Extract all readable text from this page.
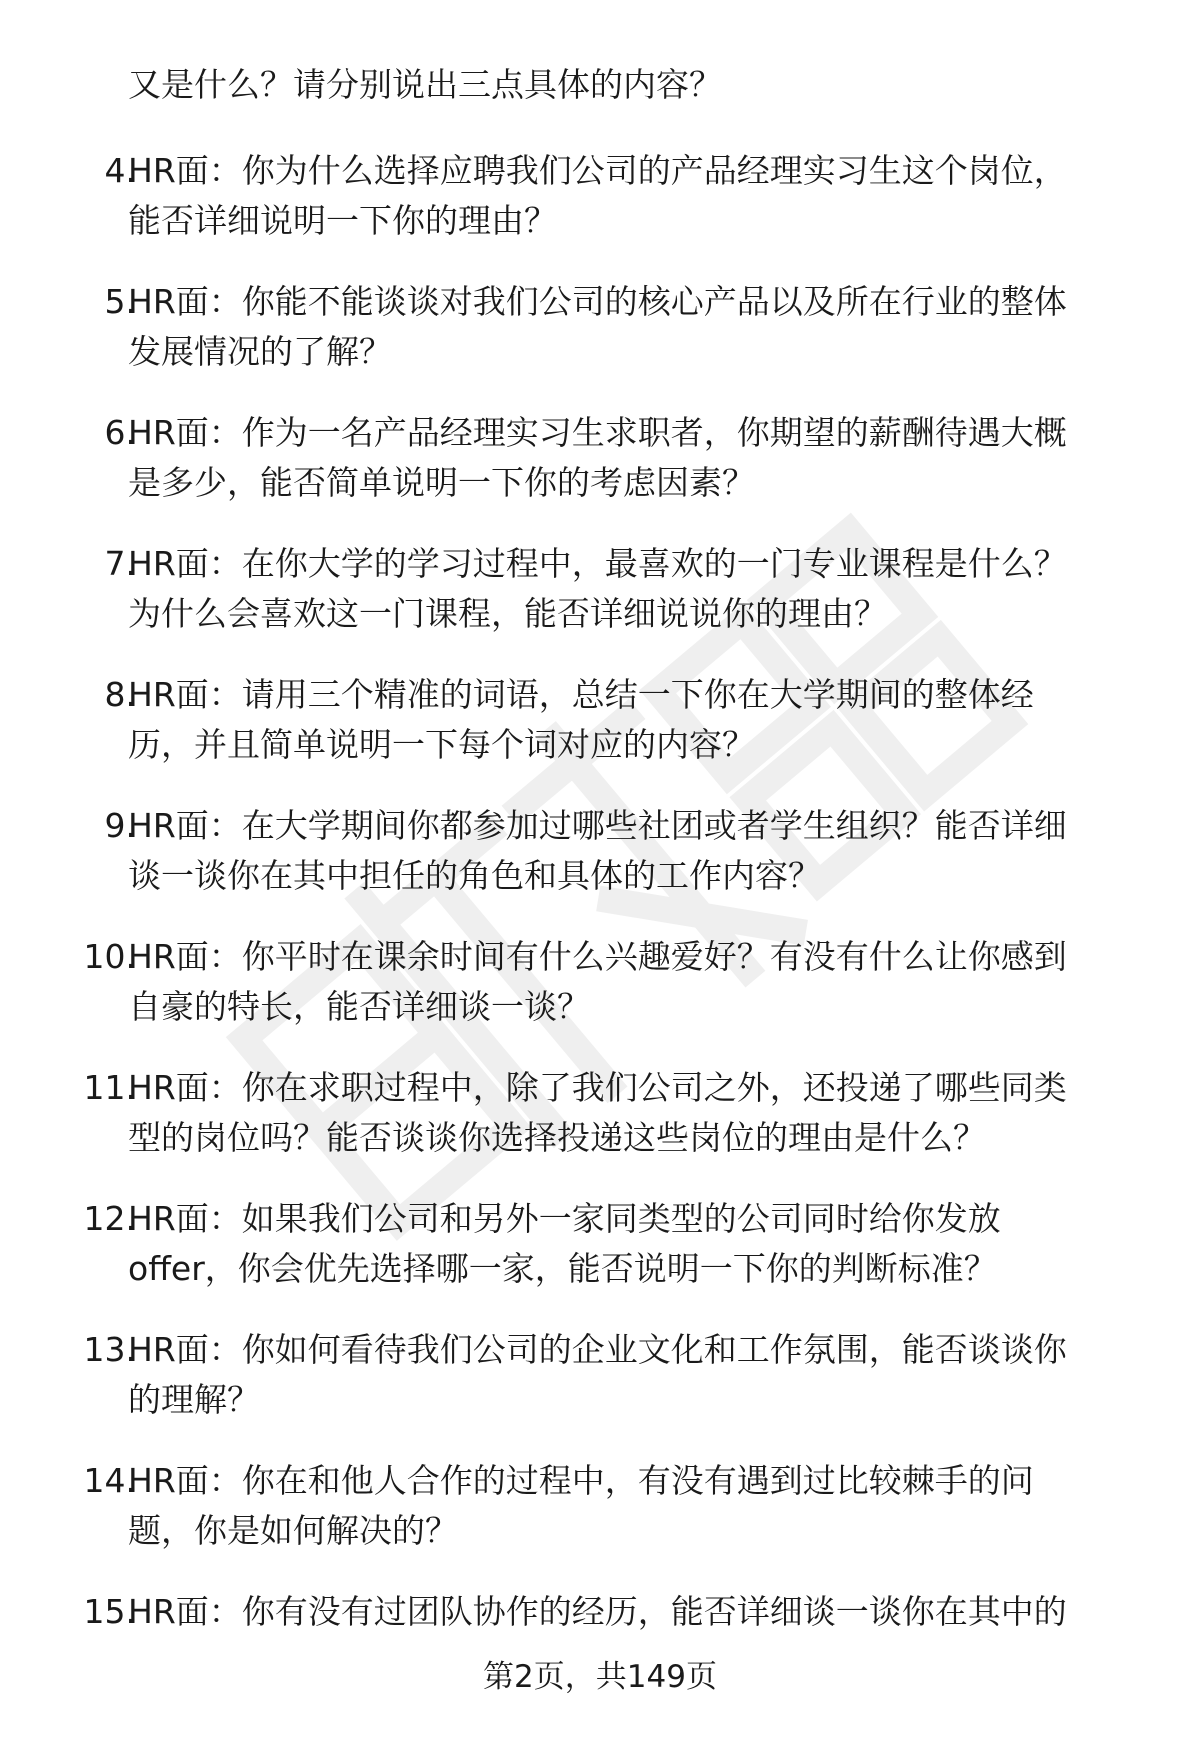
又是什么？请分别说出三点具体的内容？
4.
HR面：你为什么选择应聘我们公司的产品经理实习生这个岗位，
能否详细说明一下你的理由？
5.
HR面：你能不能谈谈对我们公司的核心产品以及所在行业的整体
发展情况的了解？
6.
HR面：作为一名产品经理实习生求职者，你期望的薪酬待遇大概
是多少，能否简单说明一下你的考虑因素？
7.
HR面：在你大学的学习过程中，最喜欢的一门专业课程是什么？
为什么会喜欢这一门课程，能否详细说说你的理由？
8.
HR面：请用三个精准的词语，总结一下你在大学期间的整体经
历，并且简单说明一下每个词对应的内容？
9.
HR面：在大学期间你都参加过哪些社团或者学生组织？能否详细
谈一谈你在其中担任的角色和具体的工作内容？
10.
HR面：你平时在课余时间有什么兴趣爱好？有没有什么让你感到
自豪的特长，能否详细谈一谈？
11.
HR面：你在求职过程中，除了我们公司之外，还投递了哪些同类
型的岗位吗？能否谈谈你选择投递这些岗位的理由是什么？
12.
HR面：如果我们公司和另外一家同类型的公司同时给你发放
offer，你会优先选择哪一家，能否说明一下你的判断标准？
13.
HR面：你如何看待我们公司的企业文化和工作氛围，能否谈谈你
的理解？
14.
HR面：你在和他人合作的过程中，有没有遇到过比较棘手的问
题，你是如何解决的？
15.
HR面：你有没有过团队协作的经历，能否详细谈一谈你在其中的
第2页，共149页
